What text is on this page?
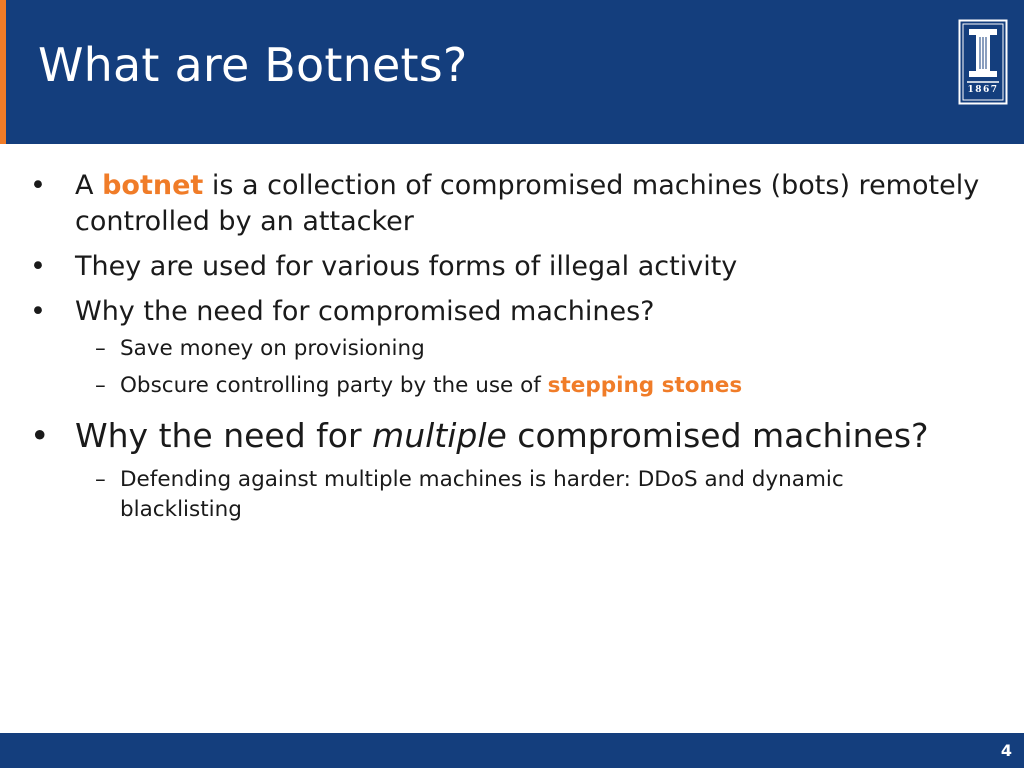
What are Botnets?	1867
• A botnet is a collection of compromised machines (bots) remotely controlled by an attacker
• They are used for various forms of illegal activity
• Why the need for compromised machines?
– Save money on provisioning
– Obscure controlling party by the use of stepping stones
• Why the need for multiple compromised machines?
– Defending against multiple machines is harder: DDoS and dynamic blacklisting
4
